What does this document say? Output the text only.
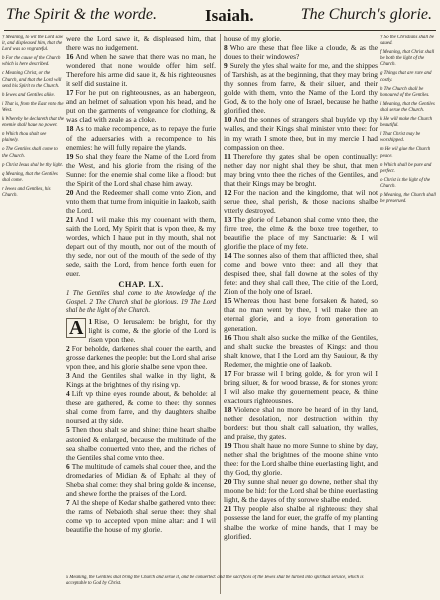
The Spirit & the worde.	Isaiah.	The Church's glorie.
† Meaning, to wit the Lord saw it, and displeased him, that the Lord was so vngrateful.
b For the cause of the Church which is here described.
c Meaning Christ, or the Church, and that the Lord will send his Spirit to the Church.
h Iewes and Gentiles alike.
i That is, from the East vnto the West.
k Whereby he declareth that the enemie shall haue no power.
n Which thou shalt see plainely.
o The Gentiles shall come to the Church.
p Christ Iesus shal be thy light.
q Meaning, that the Gentiles shal come.
r Iewes and Gentiles, his Church.

were the Lord sawe it, & displeased him, that there was no iudgement.

16 And when he sawe that there was no man, he wondered that none woulde offer him self. Therefore his arme did saue it, & his righteousnes it self did sustaine it.

17 For he put on righteousnes, as an habergeon, and an helmet of saluation vpon his head, and he put on the garments of vengeance for clothing, & was clad with zeale as a cloke.

18 As to make recompence, as to repaye the furie of the aduersaries with a recompence to his enemies: he will fully repaire the ylands.

19 So shal they feare the Name of the Lord from the West, and his glorie from the rising of the Sunne: for the enemie shal come like a flood: but the Spirit of the Lord shal chase him away.

20 And the Redeemer shall come vnto Zion, and vnto them that turne from iniquitie in Iaakob, saith the Lord.

21 And I wil make this my couenant with them, saith the Lord, My Spirit that is vpon thee, & my wordes, which I haue put in thy mouth, shal not depart out of thy mouth, nor out of the mouth of thy sede, nor out of the mouth of the sede of thy sede, saith the Lord, from hence forth euen for euer.

CHAP. LX.
1 The Gentiles shal come to the knowledge of the Gospel. 2 The Church shal be glorious. 19 The Lord shal be the light of the Church.

A 1 Rise, O Ierusalem: be bright, for thy light is come, & the glorie of the Lord is risen vpon thee.

2 For beholde, darkenes shal couer the earth, and grosse darkenes the people: but the Lord shal arise vpon thee, and his glorie shalbe sene vpon thee.

3 And the Gentiles shal walke in thy light, & Kings at the brightnes of thy rising vp.

4 Lift vp thine eyes rounde about, & beholde: al these are gathered, & come to thee: thy sonnes shal come from farre, and thy daughters shalbe noursed at thy side.

5 Then thou shalt se and shine: thine heart shalbe astonied & enlarged, because the multitude of the sea shalbe conuerted vnto thee, and the riches of the Gentiles shal come vnto thee.

6 The multitude of camels shal couer thee, and the dromedaries of Midian & of Ephah: al they of Sheba shal come: they shal bring golde & incense, and shewe forthe the praises of the Lord.

7 Al the shepe of Kedar shalbe gathered vnto thee: the rams of Nebaioth shal serue thee: they shal come vp to accepted vpon mine altar: and I wil beautifie the house of my glorie.

house of my glorie.

8 Who are these that flee like a cloude, & as the doues to their windowes?

9 Surely the yles shal waite for me, and the shippes of Tarshish, as at the beginning, that they may bring thy sonnes from farre, & their siluer, and their golde with them, vnto the Name of the Lord thy God, & to the holy one of Israel, because he hathe glorified thee.

10 And the sonnes of strangers shal buylde vp thy walles, and their Kings shal minister vnto thee: for in my wrath I smote thee, but in my mercie I had compassion on thee.

11 Therefore thy gates shal be open continually: nether day nor night shal they be shut, that men may bring vnto thee the riches of the Gentiles, and that their Kings may be broght.

12 For the nacion and the kingdome, that wil not serue thee, shal perish, & those nacions shalbe vtterly destroyed.

13 The glorie of Lebanon shal come vnto thee, the firre tree, the elme & the boxe tree together, to beautifie the place of my Sanctuarie: & I wil glorifie the place of my fete.

14 The sonnes also of them that afflicted thee, shal come and bowe vnto thee: and all they that despised thee, shal fall downe at the soles of thy fete: and they shal call thee, The citie of the Lord, Zion of the holy one of Israel.

15 Whereas thou hast bene forsaken & hated, so that no man went by thee, I wil make thee an eternal glorie, and a ioye from generation to generation.

16 Thou shalt also sucke the milke of the Gentiles, and shalt sucke the breastes of Kings: and thou shalt knowe, that I the Lord am thy Sauiour, & thy Redemer, the mightie one of Iaakob.

17 For brasse wil I bring golde, & for yron wil I bring siluer, & for wood brasse, & for stones yron: I wil also make thy gouernement peace, & thine exactours righteousnes.

18 Violence shal no more be heard of in thy land, nether desolation, nor destruction within thy borders: but thou shalt call saluation, thy walles, and praise, thy gates.

19 Thou shalt haue no more Sunne to shine by day, nether shal the brightnes of the moone shine vnto thee: for the Lord shalbe thine euerlasting light, and thy God, thy glorie.

20 Thy sunne shal neuer go downe, nether shal thy moone be hid: for the Lord shal be thine euerlasting light, & the dayes of thy sorowe shalbe ended.

21 Thy people also shalbe al righteous: they shal possesse the land for euer, the graffe of my planting shalbe the worke of mine hands, that I may be glorified.

† So the Christians shall be saued.
f Meaning, that Christ shall be both the light of the Church.
g Things that are rare and costly.
h The Church shall be honoured of the Gentiles.
i Meaning, that the Gentiles shal serue the Church.
k He will make the Church beautiful.
l That Christ may be worshipped.
m He wil giue the Church peace.
n Which shall be pure and perfect.
o Christ is the light of the Church.
p Meaning, the Church shall be preserued.
x Meaning, the Gentiles shal bring the Church and serue it, and be conuerted: and the sacrifices of the Iewes shal be turned into spiritual seruice, which is acceptable to God by Christ.
